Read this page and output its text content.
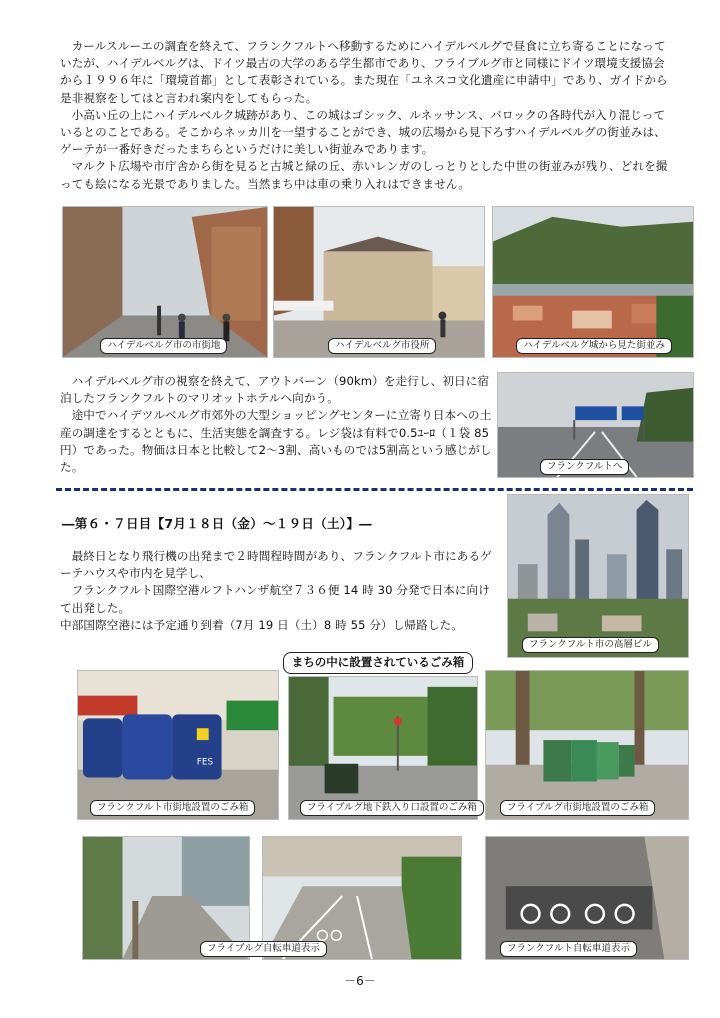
カールスルーエの調査を終えて、フランクフルトへ移動するためにハイデルベルグで昼食に立ち寄ることになっていたが、ハイデルベルグは、ドイツ最古の大学のある学生都市であり、フライブルグ市と同様にドイツ環境支援協会から１９９６年に「環境首都」として表彰されている。また現在「ユネスコ文化遺産に申請中」であり、ガイドから是非視察をしてはと言われ案内をしてもらった。

小高い丘の上にハイデルベルク城跡があり、この城はゴシック、ルネッサンス、バロックの各時代が入り混じっているとのことである。そこからネッカ川を一望することができ、城の広場から見下ろすハイデルベルグの街並みは、ゲーテが一番好きだったまちらというだけに美しい街並みであります。

マルクト広場や市庁舎から街を見ると古城と緑の丘、赤いレンガのしっとりとした中世の街並みが残り、どれを撮っても絵になる光景でありました。当然まち中は車の乗り入れはできません。

ハイデルベルグ市の市街地	ハイデルベルグ市役所	ハイデルベルグ城から見た街並み

ハイデルベルグ市の視察を終えて、アウトバーン（90km）を走行し、初日に宿泊したフランクフルトのマリオットホテルへ向かう。

途中でハイデツルベルグ市郊外の大型ショッピングセンターに立寄り日本への土産の調達をするとともに、生活実態を調査する。レジ袋は有料で0.5ﾕｰﾛ（１袋 85 円）であった。物価は日本と比較して2～3割、高いものでは5割高という感じがした。	フランクフルトへ
―第６・７日目【7月１８日（金）～１９日（土）】―

最終日となり飛行機の出発まで２時間程時間があり、フランクフルト市にあるゲーテハウスや市内を見学し、

フランクフルト国際空港ルフトハンザ航空７３６便 14 時 30 分発で日本に向けて出発した。

中部国際空港には予定通り到着（7月 19 日（土）8 時 55 分）し帰路した。

フランクフルト市の高層ビル
まちの中に設置されているごみ箱
FES
フランクフルト市街地設置のごみ箱	フライブルグ地下鉄入り口設置のごみ箱	フライブルグ市街地設置のごみ箱
フライブルグ自転車道表示	フランクフルト自転車道表示
－6－
